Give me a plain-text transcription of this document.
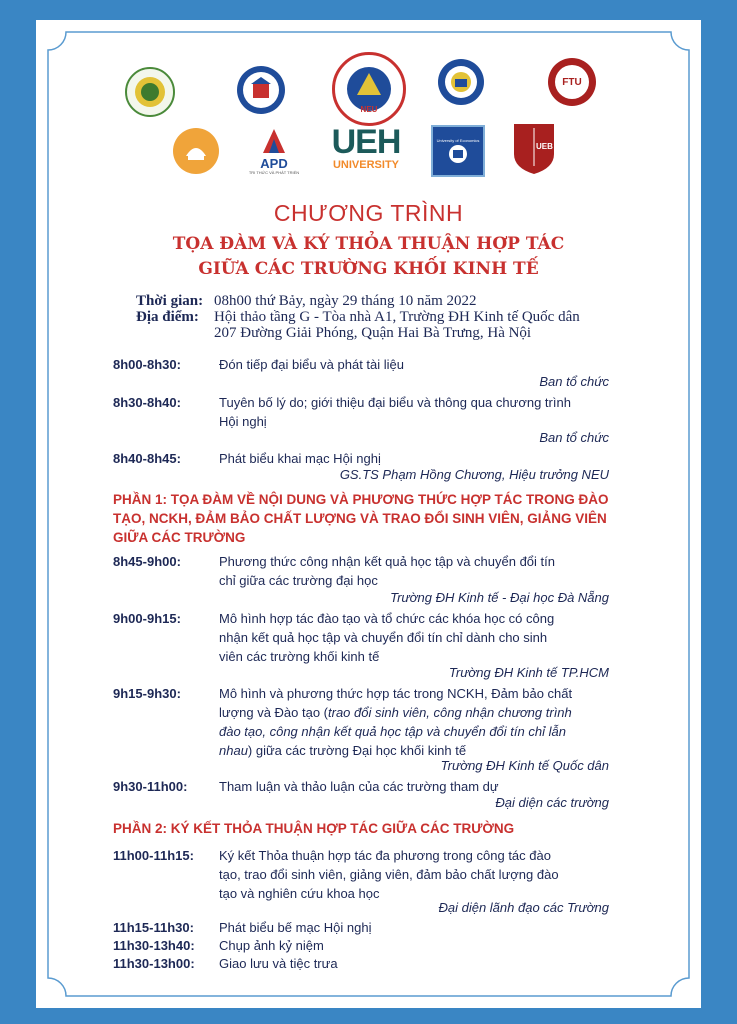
NEU
FTU
APD
TRI THỨC VÀ PHÁT TRIỂN
UEH
UNIVERSITY
University of Economics
UEB
CHƯƠNG TRÌNH
TỌA ĐÀM VÀ KÝ THỎA THUẬN HỢP TÁC
GIỮA CÁC TRƯỜNG KHỐI KINH TẾ
Thời gian: 08h00 thứ Bảy, ngày 29 tháng 10 năm 2022
Địa điểm: Hội thảo tầng G - Tòa nhà A1, Trường ĐH Kinh tế Quốc dân
207 Đường Giải Phóng, Quận Hai Bà Trưng, Hà Nội
8h00-8h30:	Đón tiếp đại biểu và phát tài liệu
Ban tổ chức
8h30-8h40:	Tuyên bố lý do; giới thiệu đại biểu và thông qua chương trình
Hội nghị
Ban tổ chức
8h40-8h45:	Phát biểu khai mạc Hội nghị
GS.TS Phạm Hồng Chương, Hiệu trưởng NEU
PHẦN 1: TỌA ĐÀM VỀ NỘI DUNG VÀ PHƯƠNG THỨC HỢP TÁC TRONG ĐÀO
TẠO, NCKH, ĐẢM BẢO CHẤT LƯỢNG VÀ TRAO ĐỔI SINH VIÊN, GIẢNG VIÊN
GIỮA CÁC TRƯỜNG
8h45-9h00:	Phương thức công nhận kết quả học tập và chuyển đổi tín
chỉ giữa các trường đại học
Trường ĐH Kinh tế - Đại học Đà Nẵng
9h00-9h15:	Mô hình hợp tác đào tạo và tổ chức các khóa học có công
nhận kết quả học tập và chuyển đổi tín chỉ dành cho sinh
viên các trường khối kinh tế
Trường ĐH Kinh tế TP.HCM
9h15-9h30:	Mô hình và phương thức hợp tác trong NCKH, Đảm bảo chất
lượng và Đào tạo (trao đổi sinh viên, công nhận chương trình
đào tạo, công nhận kết quả học tập và chuyển đổi tín chỉ lẫn
nhau) giữa các trường Đại học khối kinh tế
Trường ĐH Kinh tế Quốc dân
9h30-11h00: Tham luận và thảo luận của các trường tham dự
Đại diện các trường
PHẦN 2: KÝ KẾT THỎA THUẬN HỢP TÁC GIỮA CÁC TRƯỜNG
11h00-11h15: Ký kết Thỏa thuận hợp tác đa phương trong công tác đào
tạo, trao đổi sinh viên, giảng viên, đảm bảo chất lượng đào
tạo và nghiên cứu khoa học
Đại diện lãnh đạo các Trường
11h15-11h30: Phát biểu bế mạc Hội nghị
11h30-13h40: Chụp ảnh kỷ niệm
11h30-13h00: Giao lưu và tiệc trưa
